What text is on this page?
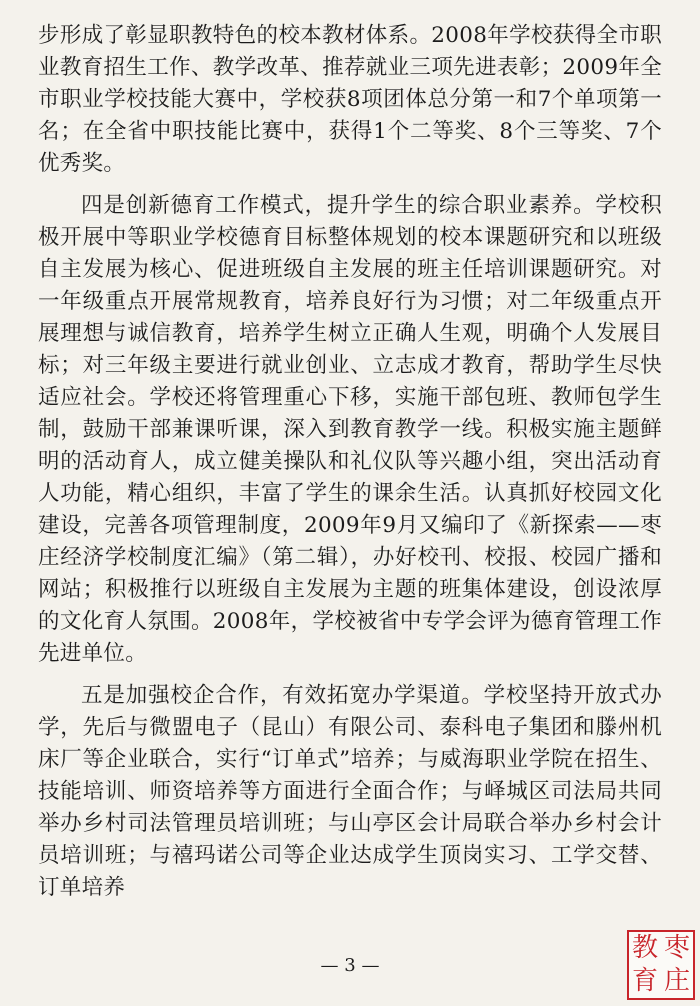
步形成了彰显职教特色的校本教材体系。2008年学校获得全市职业教育招生工作、教学改革、推荐就业三项先进表彰；2009年全市职业学校技能大赛中，学校获8项团体总分第一和7个单项第一名；在全省中职技能比赛中，获得1个二等奖、8个三等奖、7个优秀奖。

四是创新德育工作模式，提升学生的综合职业素养。学校积极开展中等职业学校德育目标整体规划的校本课题研究和以班级自主发展为核心、促进班级自主发展的班主任培训课题研究。对一年级重点开展常规教育，培养良好行为习惯；对二年级重点开展理想与诚信教育，培养学生树立正确人生观，明确个人发展目标；对三年级主要进行就业创业、立志成才教育，帮助学生尽快适应社会。学校还将管理重心下移，实施干部包班、教师包学生制，鼓励干部兼课听课，深入到教育教学一线。积极实施主题鲜明的活动育人，成立健美操队和礼仪队等兴趣小组，突出活动育人功能，精心组织，丰富了学生的课余生活。认真抓好校园文化建设，完善各项管理制度，2009年9月又编印了《新探索——枣庄经济学校制度汇编》（第二辑），办好校刊、校报、校园广播和网站；积极推行以班级自主发展为主题的班集体建设，创设浓厚的文化育人氛围。2008年，学校被省中专学会评为德育管理工作先进单位。

五是加强校企合作，有效拓宽办学渠道。学校坚持开放式办学，先后与微盟电子（昆山）有限公司、泰科电子集团和滕州机床厂等企业联合，实行“订单式”培养；与威海职业学院在招生、技能培训、师资培养等方面进行全面合作；与峄城区司法局共同举办乡村司法管理员培训班；与山亭区会计局联合举办乡村会计员培训班；与禧玛诺公司等企业达成学生顶岗实习、工学交替、订单培养

— 3 —
教 枣
育 庄
